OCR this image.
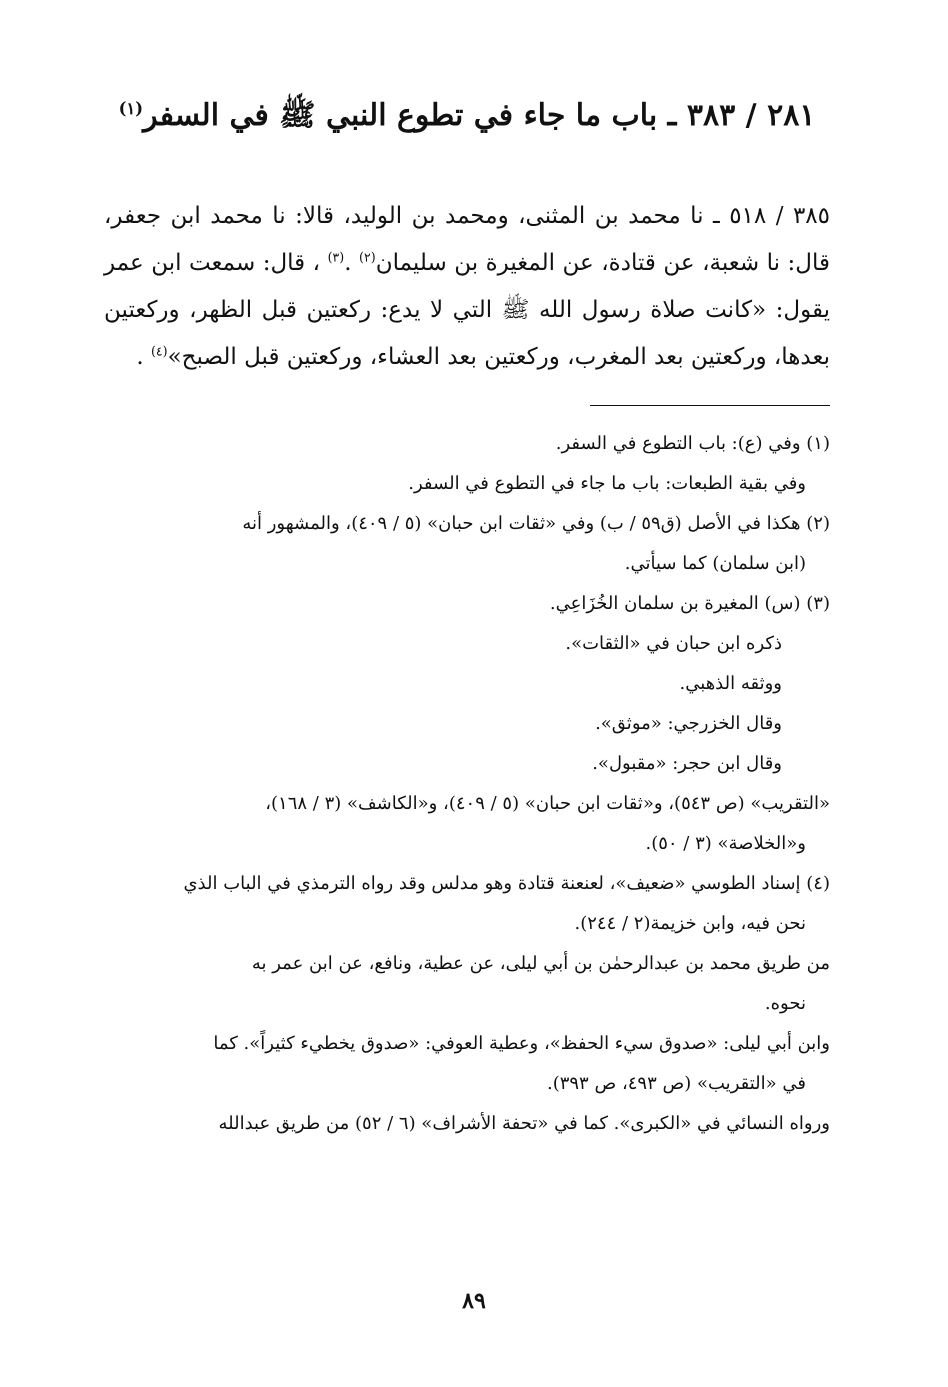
٢٨١ / ٣٨٣ ـ باب ما جاء في تطوع النبي ﷺ في السفر$^{(١)}$

٣٨٥ / ٥١٨ ـ نا محمد بن المثنى، ومحمد بن الوليد، قالا: نا محمد ابن جعفر، قال: نا شعبة، عن قتادة، عن المغيرة بن سليمان$^{(٢)}$ .$^{(٣)}$ ، قال: سمعت ابن عمر يقول: «كانت صلاة رسول الله ﷺ التي لا يدع: ركعتين قبل الظهر، وركعتين بعدها، وركعتين بعد المغرب، وركعتين بعد العشاء، وركعتين قبل الصبح»$^{(٤)}$ .

(١) وفي (ع): باب التطوع في السفر.
وفي بقية الطبعات: باب ما جاء في التطوع في السفر.
(٢) هكذا في الأصل (ق٥٩ / ب) وفي «ثقات ابن حبان» (٥ / ٤٠٩)، والمشهور أنه
(ابن سلمان) كما سيأتي.
(٣) (س) المغيرة بن سلمان الخُزَاعِي.
ذكره ابن حبان في «الثقات».
ووثقه الذهبي.
وقال الخزرجي: «موثق».
وقال ابن حجر: «مقبول».
«التقريب» (ص ٥٤٣)، و«ثقات ابن حبان» (٥ / ٤٠٩)، و«الكاشف» (٣ / ١٦٨)،
و«الخلاصة» (٣ / ٥٠).
(٤) إسناد الطوسي «ضعيف»، لعنعنة قتادة وهو مدلس وقد رواه الترمذي في الباب الذي
نحن فيه، وابن خزيمة(٢ / ٢٤٤).
من طريق محمد بن عبدالرحمٰن بن أبي ليلى، عن عطية، ونافع، عن ابن عمر به
نحوه.
وابن أبي ليلى: «صدوق سيء الحفظ»، وعطية العوفي: «صدوق يخطيء كثيراً». كما
في «التقريب» (ص ٤٩٣، ص ٣٩٣).
ورواه النسائي في «الكبرى». كما في «تحفة الأشراف» (٦ / ٥٢) من طريق عبدالله
٨٩
